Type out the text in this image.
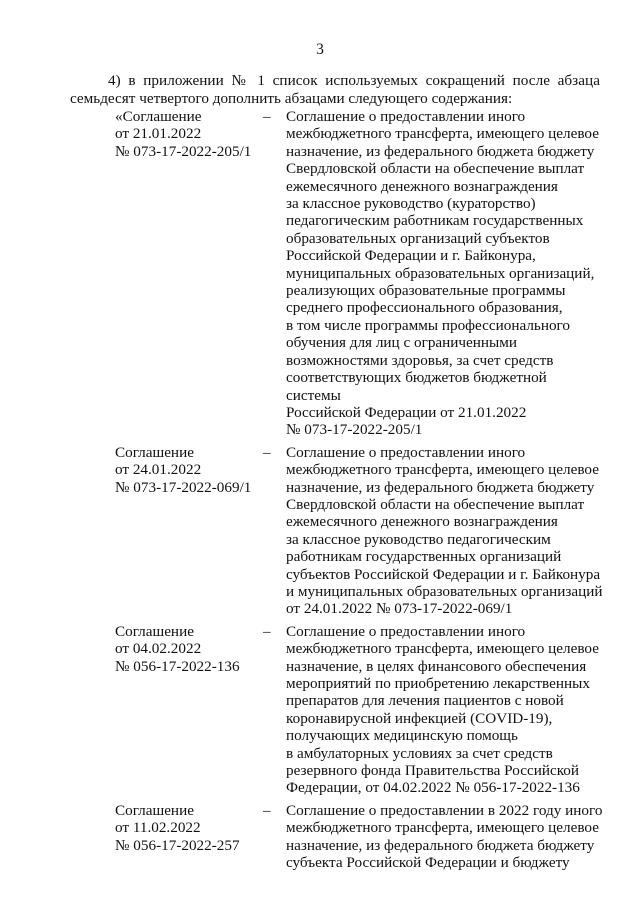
3
4) в приложении № 1 список используемых сокращений после абзаца
семьдесят четвертого дополнить абзацами следующего содержания:
«Соглашение
от 21.01.2022
№ 073-17-2022-205/1
–	Соглашение о предоставлении иного
межбюджетного трансферта, имеющего целевое
назначение, из федерального бюджета бюджету
Свердловской области на обеспечение выплат
ежемесячного денежного вознаграждения
за классное руководство (кураторство)
педагогическим работникам государственных
образовательных организаций субъектов
Российской Федерации и г. Байконура,
муниципальных образовательных организаций,
реализующих образовательные программы
среднего профессионального образования,
в том числе программы профессионального
обучения для лиц с ограниченными
возможностями здоровья, за счет средств
соответствующих бюджетов бюджетной системы
Российской Федерации от 21.01.2022
№ 073-17-2022-205/1
Соглашение
от 24.01.2022
№ 073-17-2022-069/1
–	Соглашение о предоставлении иного
межбюджетного трансферта, имеющего целевое
назначение, из федерального бюджета бюджету
Свердловской области на обеспечение выплат
ежемесячного денежного вознаграждения
за классное руководство педагогическим
работникам государственных организаций
субъектов Российской Федерации и г. Байконура
и муниципальных образовательных организаций
от 24.01.2022 № 073-17-2022-069/1
Соглашение
от 04.02.2022
№ 056-17-2022-136
–	Соглашение о предоставлении иного
межбюджетного трансферта, имеющего целевое
назначение, в целях финансового обеспечения
мероприятий по приобретению лекарственных
препаратов для лечения пациентов с новой
коронавирусной инфекцией (COVID-19),
получающих медицинскую помощь
в амбулаторных условиях за счет средств
резервного фонда Правительства Российской
Федерации, от 04.02.2022 № 056-17-2022-136
Соглашение
от 11.02.2022
№ 056-17-2022-257
–	Соглашение о предоставлении в 2022 году иного
межбюджетного трансферта, имеющего целевое
назначение, из федерального бюджета бюджету
субъекта Российской Федерации и бюджету
